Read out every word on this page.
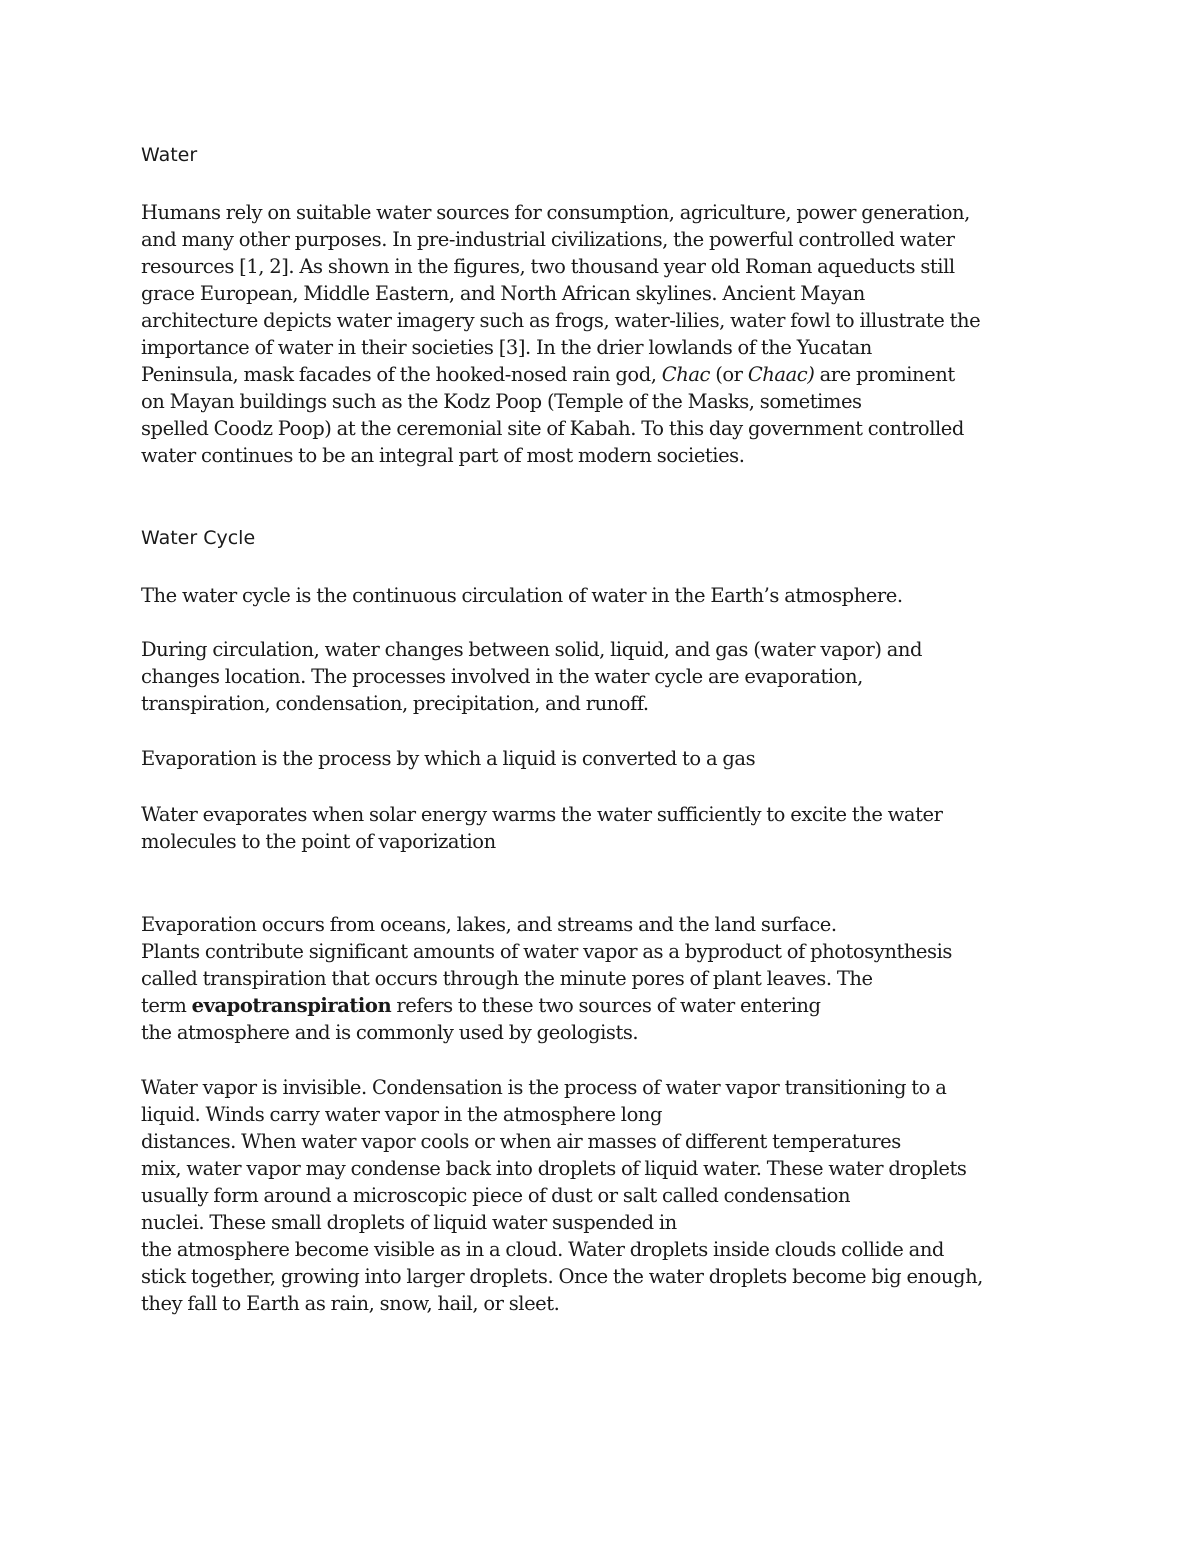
Water

Humans rely on suitable water sources for consumption, agriculture, power generation,
and many other purposes. In pre-industrial civilizations, the powerful controlled water
resources [1, 2]. As shown in the figures, two thousand year old Roman aqueducts still
grace European, Middle Eastern, and North African skylines. Ancient Mayan
architecture depicts water imagery such as frogs, water-lilies, water fowl to illustrate the
importance of water in their societies [3]. In the drier lowlands of the Yucatan
Peninsula, mask facades of the hooked-nosed rain god, Chac (or Chaac) are prominent
on Mayan buildings such as the Kodz Poop (Temple of the Masks, sometimes
spelled Coodz Poop) at the ceremonial site of Kabah. To this day government controlled
water continues to be an integral part of most modern societies.

Water Cycle

The water cycle is the continuous circulation of water in the Earth’s atmosphere.

During circulation, water changes between solid, liquid, and gas (water vapor) and
changes location. The processes involved in the water cycle are evaporation,
transpiration, condensation, precipitation, and runoff.

Evaporation is the process by which a liquid is converted to a gas

Water evaporates when solar energy warms the water sufficiently to excite the water
molecules to the point of vaporization

Evaporation occurs from oceans, lakes, and streams and the land surface.
Plants contribute significant amounts of water vapor as a byproduct of photosynthesis
called transpiration that occurs through the minute pores of plant leaves. The
term evapotranspiration refers to these two sources of water entering
the atmosphere and is commonly used by geologists.

Water vapor is invisible. Condensation is the process of water vapor transitioning to a
liquid. Winds carry water vapor in the atmosphere long
distances. When water vapor cools or when air masses of different temperatures
mix, water vapor may condense back into droplets of liquid water. These water droplets
usually form around a microscopic piece of dust or salt called condensation
nuclei. These small droplets of liquid water suspended in
the atmosphere become visible as in a cloud. Water droplets inside clouds collide and
stick together, growing into larger droplets. Once the water droplets become big enough,
they fall to Earth as rain, snow, hail, or sleet.
